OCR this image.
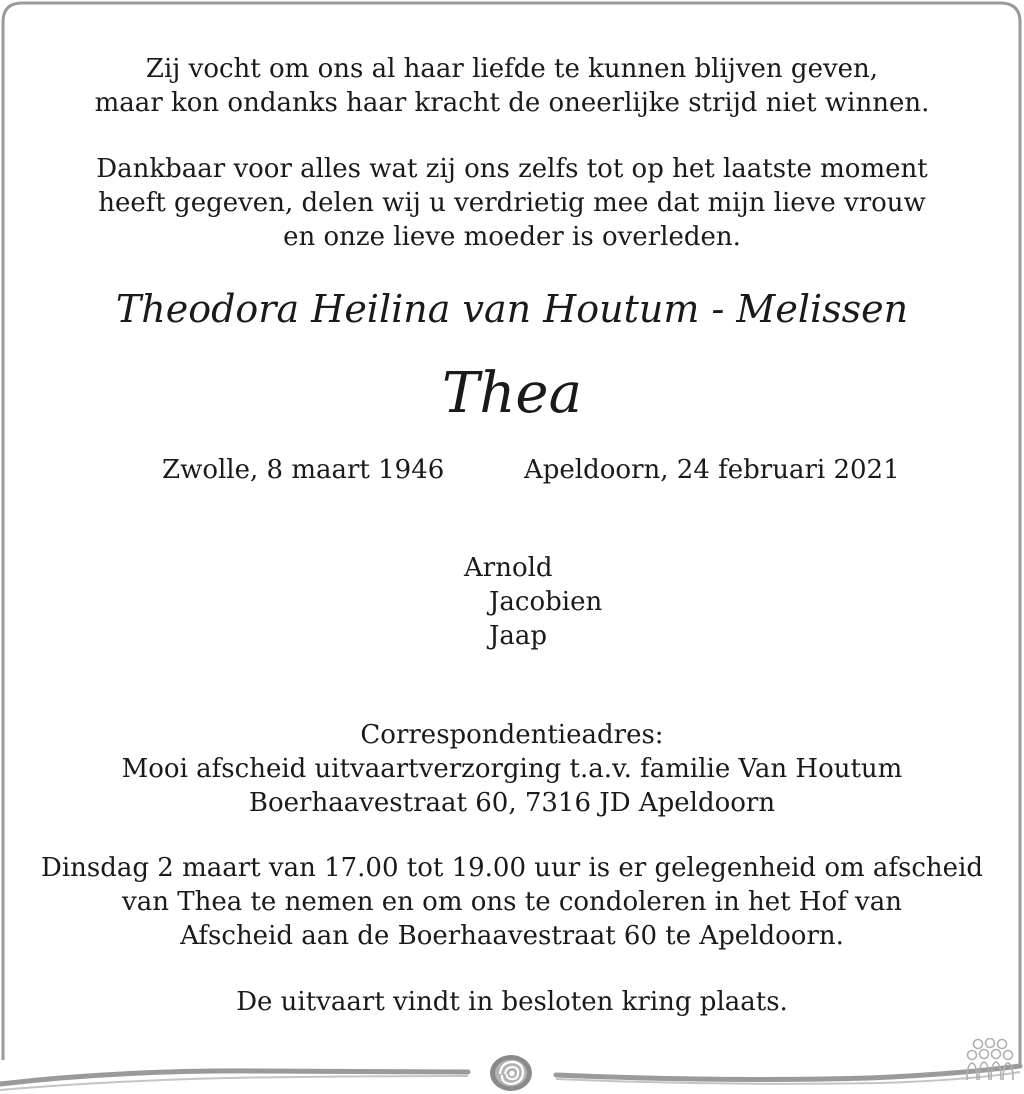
Zij vocht om ons al haar liefde te kunnen blijven geven,
maar kon ondanks haar kracht de oneerlijke strijd niet winnen.
Dankbaar voor alles wat zij ons zelfs tot op het laatste moment
heeft gegeven, delen wij u verdrietig mee dat mijn lieve vrouw
en onze lieve moeder is overleden.
Theodora Heilina van Houtum - Melissen
Thea
Zwolle, 8 maart 1946	Apeldoorn, 24 februari 2021
Arnold
Jacobien
Jaap
Correspondentieadres:
Mooi afscheid uitvaartverzorging t.a.v. familie Van Houtum
Boerhaavestraat 60, 7316 JD Apeldoorn
Dinsdag 2 maart van 17.00 tot 19.00 uur is er gelegenheid om afscheid
van Thea te nemen en om ons te condoleren in het Hof van
Afscheid aan de Boerhaavestraat 60 te Apeldoorn.
De uitvaart vindt in besloten kring plaats.
